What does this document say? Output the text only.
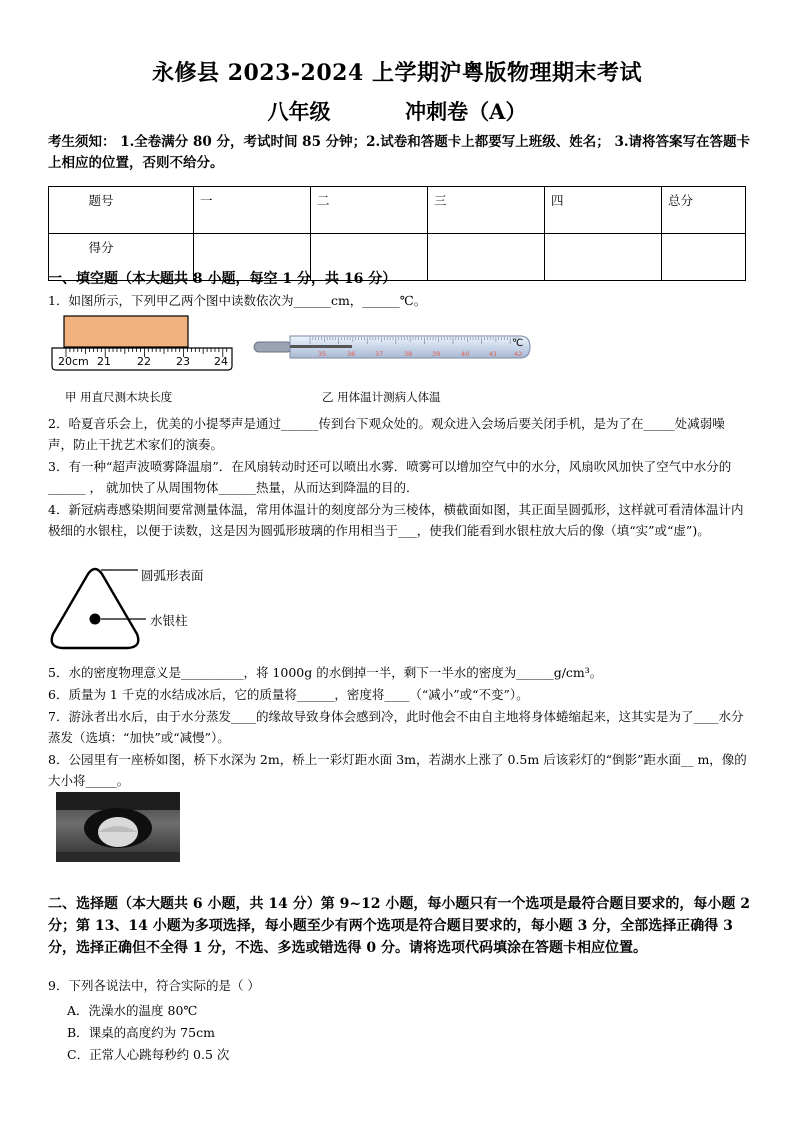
永修县 2023-2024 上学期沪粤版物理期末考试
八年级	冲刺卷（A）
考生须知： 1.全卷满分 80 分，考试时间 85 分钟；2.试卷和答题卡上都要写上班级、姓名； 3.请将答案写在答题卡上相应的位置，否则不给分。
题号	一	二	三	四	总分
得分					
一、填空题（本大题共 8 小题，每空 1 分，共 16 分）
1．如图所示，下列甲乙两个图中读数依次为______cm，______℃。
20cm 21 22 23 24
35	36	37	38	39	40	41	42
℃
甲 用直尺测木块长度	乙 用体温计测病人体温
2．哈夏音乐会上，优美的小提琴声是通过______传到台下观众处的。观众进入会场后要关闭手机，是为了在_____处减弱噪声，防止干扰艺术家们的演奏。
3．有一种“超声波喷雾降温扇”．在风扇转动时还可以喷出水雾．喷雾可以增加空气中的水分，风扇吹风加快了空气中水分的______ ， 就加快了从周围物体______热量，从而达到降温的目的．
4．新冠病毒感染期间要常测量体温，常用体温计的刻度部分为三棱体，横截面如图，其正面呈圆弧形，这样就可看清体温计内极细的水银柱，以便于读数，这是因为圆弧形玻璃的作用相当于___，使我们能看到水银柱放大后的像（填“实”或“虚”)。
圆弧形表面
水银柱
5．水的密度物理意义是__________，将 1000g 的水倒掉一半，剩下一半水的密度为______g/cm³。
6．质量为 1 千克的水结成冰后，它的质量将______，密度将____（“减小”或“不变”）。
7．游泳者出水后，由于水分蒸发____的缘故导致身体会感到冷，此时他会不由自主地将身体蜷缩起来，这其实是为了____水分蒸发（选填：“加快”或“减慢”）。
8．公园里有一座桥如图，桥下水深为 2m，桥上一彩灯距水面 3m，若湖水上涨了 0.5m 后该彩灯的“倒影”距水面__ m，像的大小将_____。
二、选择题（本大题共 6 小题，共 14 分）第 9~12 小题，每小题只有一个选项是最符合题目要求的，每小题 2 分；第 13、14 小题为多项选择，每小题至少有两个选项是符合题目要求的，每小题 3 分，全部选择正确得 3 分，选择正确但不全得 1 分，不选、多选或错选得 0 分。请将选项代码填涂在答题卡相应位置。
9．下列各说法中，符合实际的是（ ）
A．洗澡水的温度 80℃
B．课桌的高度约为 75cm
C．正常人心跳每秒约 0.5 次
